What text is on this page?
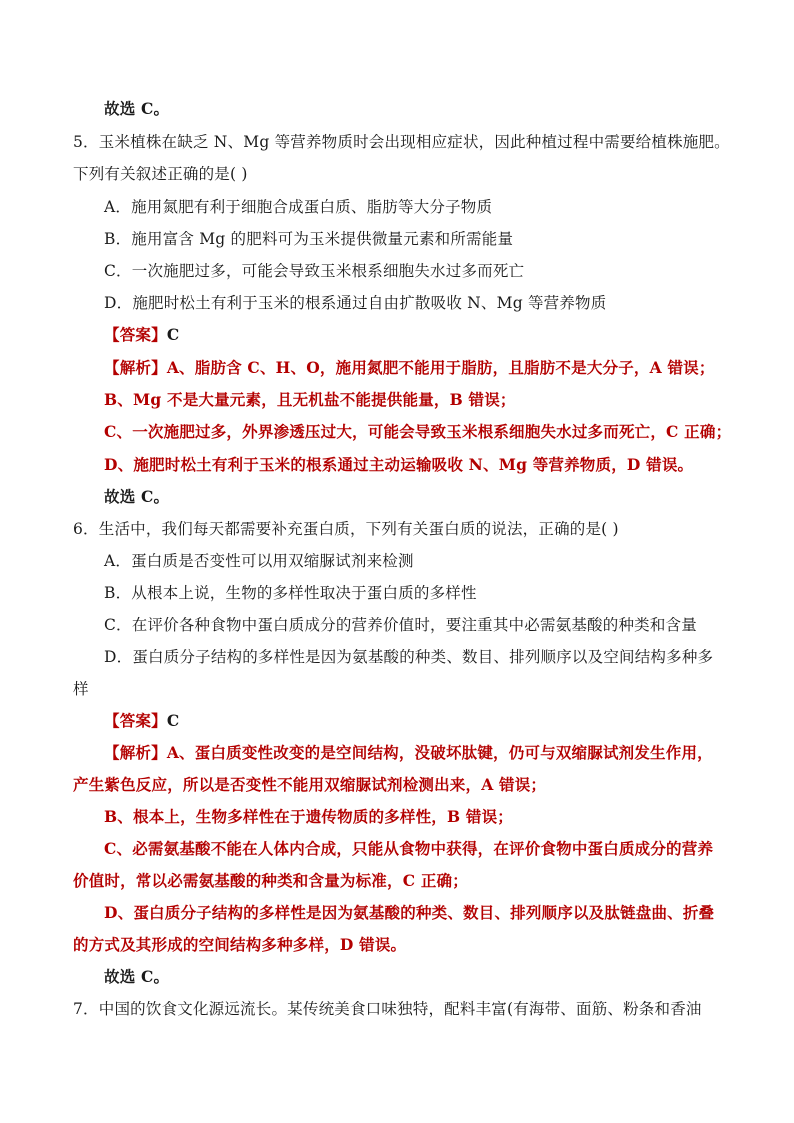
故选 C。
5．玉米植株在缺乏 N、Mg 等营养物质时会出现相应症状，因此种植过程中需要给植株施肥。
下列有关叙述正确的是( )
A．施用氮肥有利于细胞合成蛋白质、脂肪等大分子物质
B．施用富含 Mg 的肥料可为玉米提供微量元素和所需能量
C．一次施肥过多，可能会导致玉米根系细胞失水过多而死亡
D．施肥时松土有利于玉米的根系通过自由扩散吸收 N、Mg 等营养物质
【答案】C
【解析】A、脂肪含 C、H、O，施用氮肥不能用于脂肪，且脂肪不是大分子，A 错误；
B、Mg 不是大量元素，且无机盐不能提供能量，B 错误；
C、一次施肥过多，外界渗透压过大，可能会导致玉米根系细胞失水过多而死亡，C 正确；
D、施肥时松土有利于玉米的根系通过主动运输吸收 N、Mg 等营养物质，D 错误。
故选 C。
6．生活中，我们每天都需要补充蛋白质，下列有关蛋白质的说法，正确的是( )
A．蛋白质是否变性可以用双缩脲试剂来检测
B．从根本上说，生物的多样性取决于蛋白质的多样性
C．在评价各种食物中蛋白质成分的营养价值时，要注重其中必需氨基酸的种类和含量
D．蛋白质分子结构的多样性是因为氨基酸的种类、数目、排列顺序以及空间结构多种多
样
【答案】C
【解析】A、蛋白质变性改变的是空间结构，没破坏肽键，仍可与双缩脲试剂发生作用，
产生紫色反应，所以是否变性不能用双缩脲试剂检测出来，A 错误；
B、根本上，生物多样性在于遗传物质的多样性，B 错误；
C、必需氨基酸不能在人体内合成，只能从食物中获得，在评价食物中蛋白质成分的营养
价值时，常以必需氨基酸的种类和含量为标准，C 正确；
D、蛋白质分子结构的多样性是因为氨基酸的种类、数目、排列顺序以及肽链盘曲、折叠
的方式及其形成的空间结构多种多样，D 错误。
故选 C。
7．中国的饮食文化源远流长。某传统美食口味独特，配料丰富(有海带、面筋、粉条和香油
